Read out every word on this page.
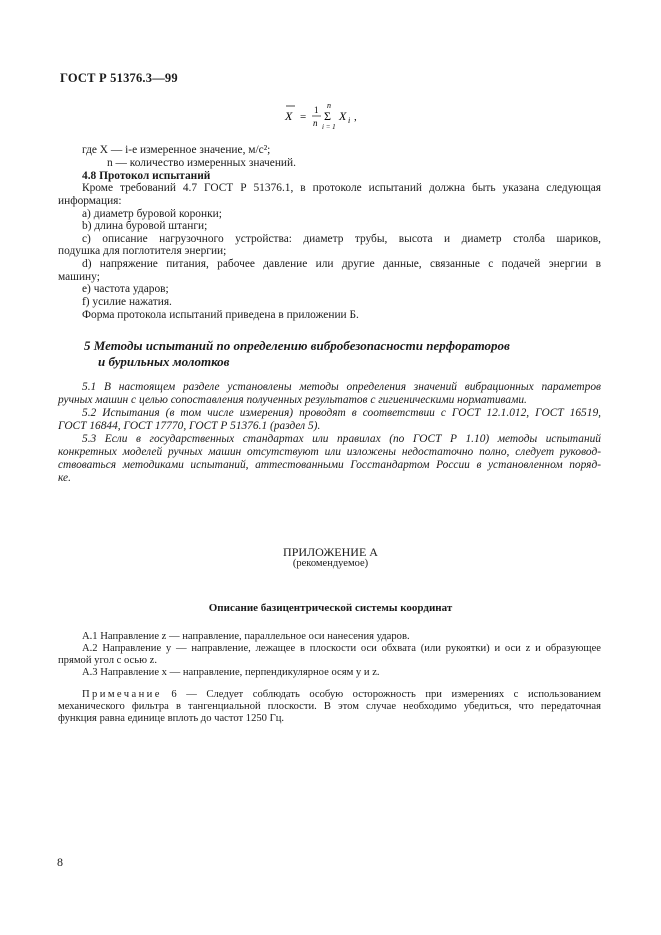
ГОСТ Р 51376.3—99
X =
1
n
n
Σ
i = 1
X i ,
где X — i-е измеренное значение, м/с²;
n — количество измеренных значений.
4.8 Протокол испытаний
Кроме требований 4.7 ГОСТ Р 51376.1, в протоколе испытаний должна быть указана следующая
информация:
а) диаметр буровой коронки;
b) длина буровой штанги;
с) описание нагрузочного устройства: диаметр трубы, высота и диаметр столба шариков,
подушка для поглотителя энергии;
d) напряжение питания, рабочее давление или другие данные, связанные с подачей энергии в
машину;
е) частота ударов;
f) усилие нажатия.
Форма протокола испытаний приведена в приложении Б.
5 Методы испытаний по определению вибробезопасности перфораторов
и бурильных молотков
5.1 В настоящем разделе установлены методы определения значений вибрационных параметров
ручных машин с целью сопоставления полученных результатов с гигиеническими нормативами.
5.2 Испытания (в том числе измерения) проводят в соответствии с ГОСТ 12.1.012, ГОСТ 16519,
ГОСТ 16844, ГОСТ 17770, ГОСТ Р 51376.1 (раздел 5).
5.3 Если в государственных стандартах или правилах (по ГОСТ Р 1.10) методы испытаний
конкретных моделей ручных машин отсутствуют или изложены недостаточно полно, следует руковод-
ствоваться методиками испытаний, аттестованными Госстандартом России в установленном поряд-
ке.
ПРИЛОЖЕНИЕ А
(рекомендуемое)
Описание базицентрической системы координат
А.1 Направление z — направление, параллельное оси нанесения ударов.
А.2 Направление у — направление, лежащее в плоскости оси обхвата (или рукоятки) и оси z и образующее
прямой угол с осью z.
А.3 Направление х — направление, перпендикулярное осям у и z.
Примечание 6 — Следует соблюдать особую осторожность при измерениях с использованием
механического фильтра в тангенциальной плоскости. В этом случае необходимо убедиться, что передаточная
функция равна единице вплоть до частот 1250 Гц.
8
